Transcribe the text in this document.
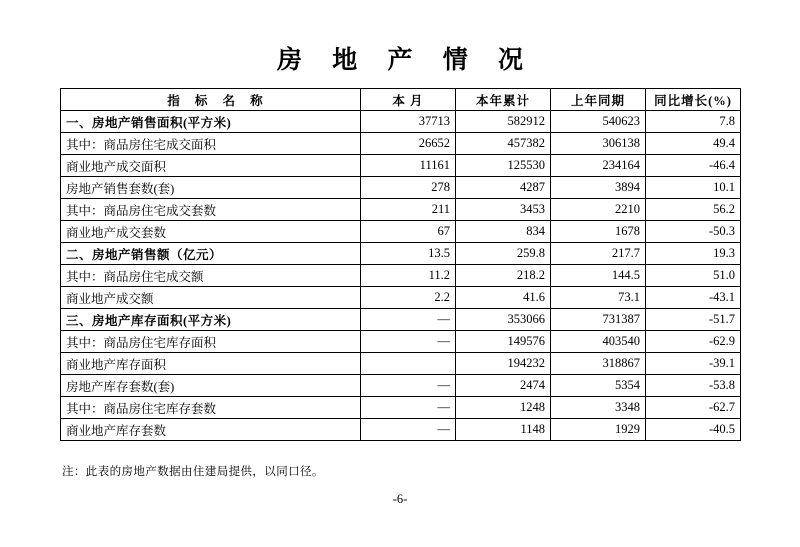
房 地 产 情 况
指 标 名 称	本 月	本年累计	上年同期	同比增长(%)
一、房地产销售面积(平方米)	37713	582912	540623	7.8
其中：商品房住宅成交面积	26652	457382	306138	49.4
商业地产成交面积	11161	125530	234164	-46.4
房地产销售套数(套)	278	4287	3894	10.1
其中：商品房住宅成交套数	211	3453	2210	56.2
商业地产成交套数	67	834	1678	-50.3
二、房地产销售额（亿元）	13.5	259.8	217.7	19.3
其中：商品房住宅成交额	11.2	218.2	144.5	51.0
商业地产成交额	2.2	41.6	73.1	-43.1
三、房地产库存面积(平方米)	—	353066	731387	-51.7
其中：商品房住宅库存面积	—	149576	403540	-62.9
商业地产库存面积		194232	318867	-39.1
房地产库存套数(套)	—	2474	5354	-53.8
其中：商品房住宅库存套数	—	1248	3348	-62.7
商业地产库存套数	—	1148	1929	-40.5
注：此表的房地产数据由住建局提供，以同口径。
-6-
